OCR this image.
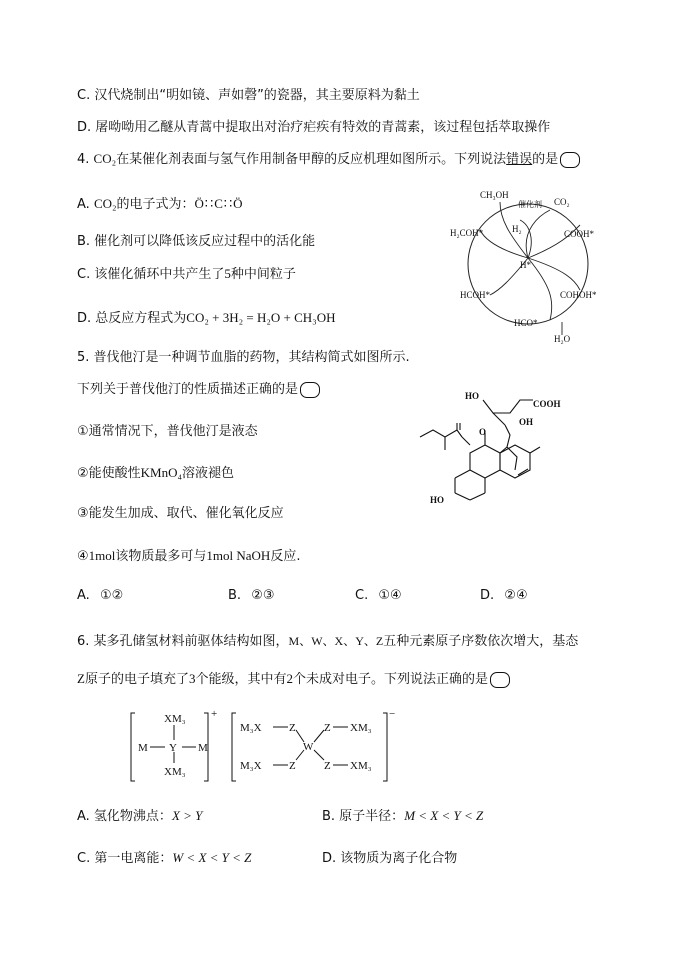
C. 汉代烧制出“明如镜、声如磬”的瓷器，其主要原料为黏土
D. 屠呦呦用乙醚从青蒿中提取出对治疗疟疾有特效的青蒿素，该过程包括萃取操作
4. CO₂在某催化剂表面与氢气作用制备甲醇的反应机理如图所示。下列说法错误的是
A. CO₂的电子式为：Ö∷C∷Ö
B. 催化剂可以降低该反应过程中的活化能
C. 该催化循环中共产生了5种中间粒子
D. 总反应方程式为CO₂ + 3H₂ = H₂O + CH₃OH
5. 普伐他汀是一种调节血脂的药物，其结构简式如图所示.
下列关于普伐他汀的性质描述正确的是
①通常情况下，普伐他汀是液态
②能使酸性KMnO₄溶液褪色
③能发生加成、取代、催化氧化反应
④1mol该物质最多可与1mol NaOH反应.
A. ①②	B. ②③	C. ①④	D. ②④
6. 某多孔储氢材料前驱体结构如图，M、W、X、Y、Z五种元素原子序数依次增大，基态
Z原子的电子填充了3个能级，其中有2个未成对电子。下列说法正确的是
A. 氢化物沸点：X > Y	B. 原子半径：M < X < Y < Z
C. 第一电离能：W < X < Y < Z	D. 该物质为离子化合物
CH₃OH
催化剂 CO₂
H₂
H₂COH*	COOH*
H*
HCOH*	COHOH*
HCO*
H₂O
HO
COOH
OH
O
HO
XM₃
M Y M
XM₃
+
M₃X Z
W
Z XM₃
M₃X Z	Z XM₃
−
